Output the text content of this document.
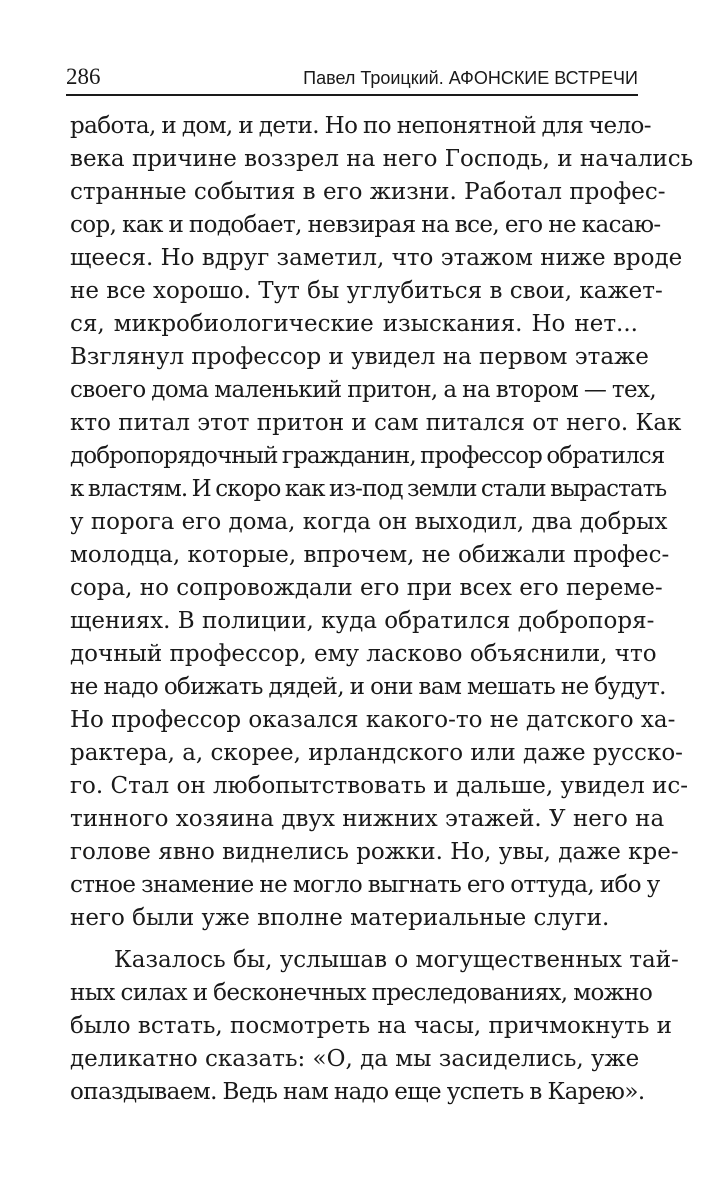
286	Павел Троицкий. АФОНСКИЕ ВСТРЕЧИ
работа, и дом, и дети. Но по непонятной для чело-
века причине воззрел на него Господь, и начались
странные события в его жизни. Работал профес-
сор, как и подобает, невзирая на все, его не касаю-
щееся. Но вдруг заметил, что этажом ниже вроде
не все хорошо. Тут бы углубиться в свои, кажет-
ся, микробиологические изыскания. Но нет...
Взглянул профессор и увидел на первом этаже
своего дома маленький притон, а на втором — тех,
кто питал этот притон и сам питался от него. Как
добропорядочный гражданин, профессор обратился
к властям. И скоро как из-под земли стали вырастать
у порога его дома, когда он выходил, два добрых
молодца, которые, впрочем, не обижали профес-
сора, но сопровождали его при всех его переме-
щениях. В полиции, куда обратился добропоря-
дочный профессор, ему ласково объяснили, что
не надо обижать дядей, и они вам мешать не будут.
Но профессор оказался какого-то не датского ха-
рактера, а, скорее, ирландского или даже русско-
го. Стал он любопытствовать и дальше, увидел ис-
тинного хозяина двух нижних этажей. У него на
голове явно виднелись рожки. Но, увы, даже кре-
стное знамение не могло выгнать его оттуда, ибо у
него были уже вполне материальные слуги.
Казалось бы, услышав о могущественных тай-
ных силах и бесконечных преследованиях, можно
было встать, посмотреть на часы, причмокнуть и
деликатно сказать: «О, да мы засиделись, уже
опаздываем. Ведь нам надо еще успеть в Карею».
